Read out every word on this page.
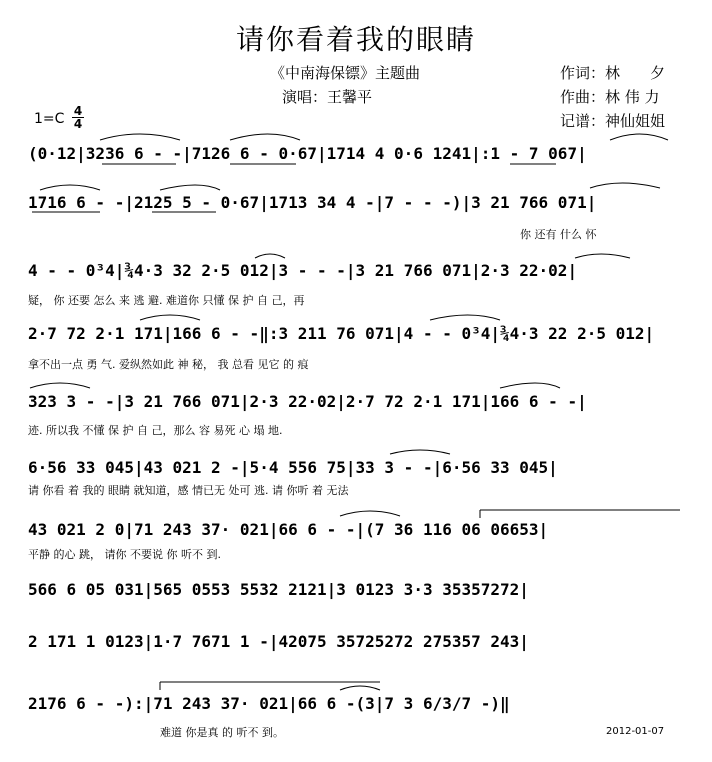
请你看着我的眼睛
《中南海保镖》主题曲
演唱：王馨平
作词：林　　夕
作曲：林 伟 力
记谱：神仙姐姐
1=C 4
4
(0·12|3236 6 - -|7126 6 - 0·67|1714 4 0·6 1241|:1 - 7 067|
1716 6 - -|2125 5 - 0·67|1713 34 4 -|7 - - -)|3 21 766 071|
你 还有 什么 怀
4 - - 0³4|¾4·3 32 2·5 012|3 - - -|3 21 766 071|2·3 22·02|
疑， 你 还要 怎么 来 逃 避. 难道你 只懂 保 护 自 己，再
2·7 72 2·1 171|166 6 - -‖:3 211 76 071|4 - - 0³4|¾4·3 22 2·5 012|
拿不出一点 勇 气. 爱纵然如此 神 秘， 我 总看 见它 的 痕
323 3 - -|3 21 766 071|2·3 22·02|2·7 72 2·1 171|166 6 - -|
迹. 所以我 不懂 保 护 自 己，那么 容 易死 心 塌 地.
6·56 33 045|43 021 2 -|5·4 556 75|33 3 - -|6·56 33 045|
请 你看 着 我的 眼睛 就知道，感 情已无 处可 逃. 请 你听 着 无法
43 021 2 0|71 243 37· 021|66 6 - -|(7 36 116 06 06653|
平静 的心 跳， 请你 不要说 你 听不 到.
566 6 05 031|565 0553 5532 2121|3 0123 3·3 35357272|
2 171 1 0123|1·7 7671 1 -|42075 35725272 275357 243|
2176 6 - -):|71 243 37· 021|66 6 -(3|7 3 6/3/7 -)‖
难道 你是真 的 听不 到。	2012-01-07
